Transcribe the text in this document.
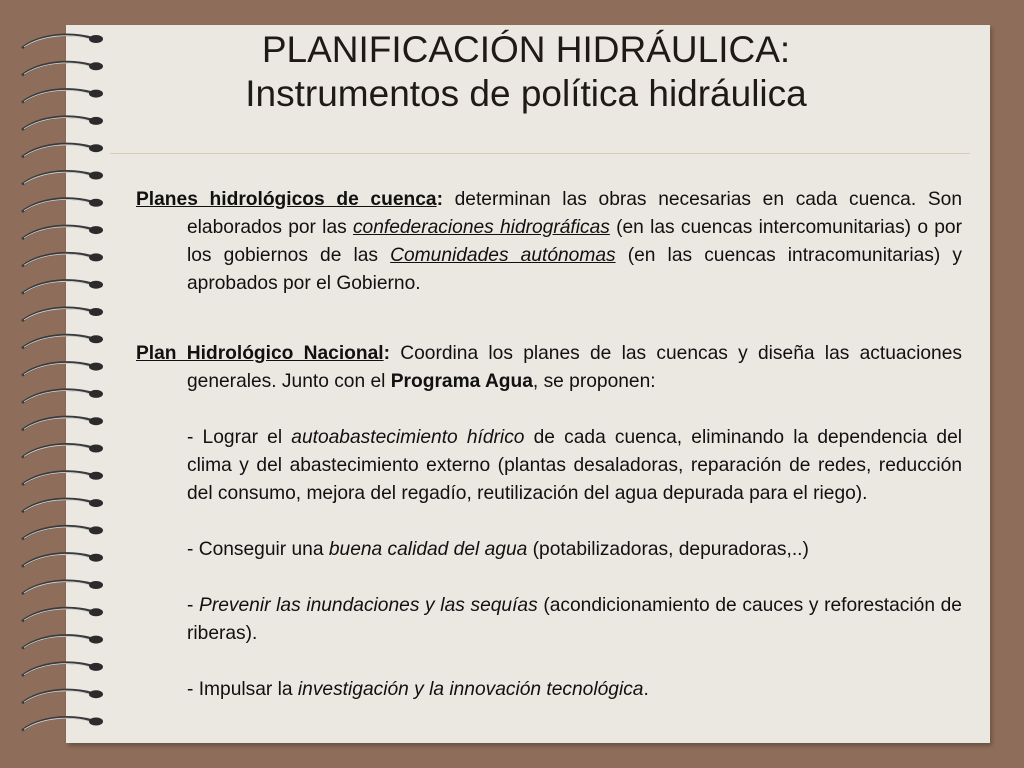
PLANIFICACIÓN HIDRÁULICA:
Instrumentos de política hidráulica

Planes hidrológicos de cuenca: determinan las obras necesarias en cada cuenca. Son elaborados por las confederaciones hidrográficas (en las cuencas intercomunitarias) o por los gobiernos de las Comunidades autónomas (en las cuencas intracomunitarias) y aprobados por el Gobierno.

Plan Hidrológico Nacional: Coordina los planes de las cuencas y diseña las actuaciones generales. Junto con el Programa Agua, se proponen:

- Lograr el autoabastecimiento hídrico de cada cuenca, eliminando la dependencia del clima y del abastecimiento externo (plantas desaladoras, reparación de redes, reducción del consumo, mejora del regadío, reutilización del agua depurada para el riego).

- Conseguir una buena calidad del agua (potabilizadoras, depuradoras,..)

- Prevenir las inundaciones y las sequías (acondicionamiento de cauces y reforestación de riberas).

- Impulsar la investigación y la innovación tecnológica.
